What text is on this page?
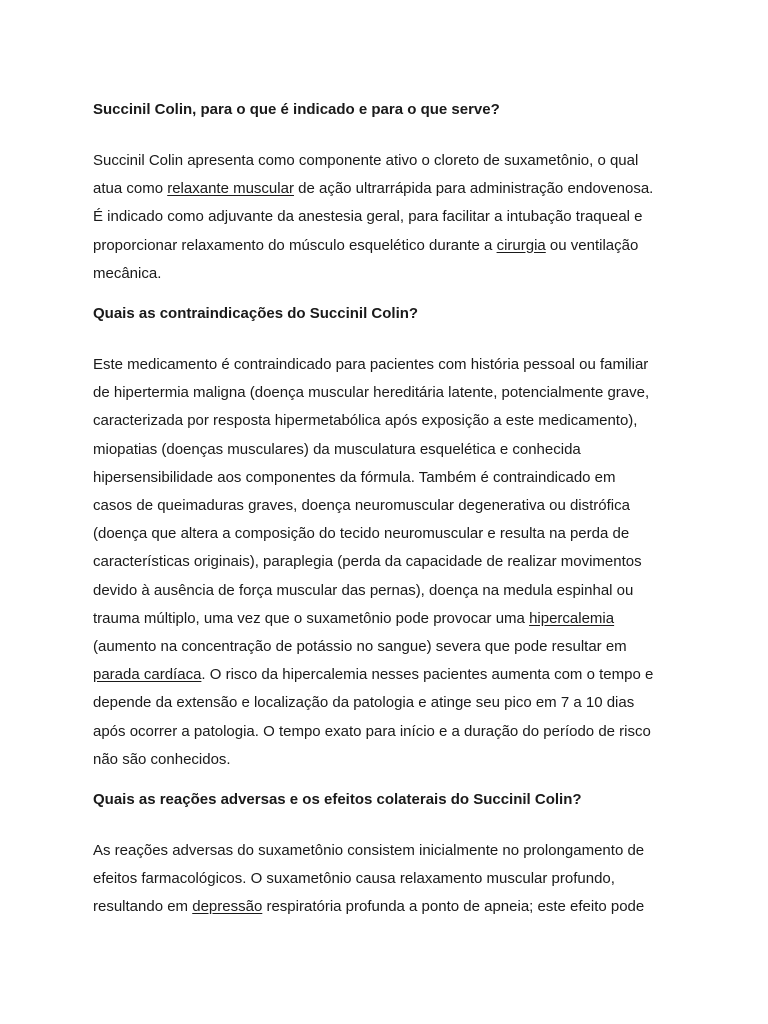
Succinil Colin, para o que é indicado e para o que serve?

Succinil Colin apresenta como componente ativo o cloreto de suxametônio, o qual
atua como relaxante muscular de ação ultrarrápida para administração endovenosa.
É indicado como adjuvante da anestesia geral, para facilitar a intubação traqueal e
proporcionar relaxamento do músculo esquelético durante a cirurgia ou ventilação
mecânica.

Quais as contraindicações do Succinil Colin?

Este medicamento é contraindicado para pacientes com história pessoal ou familiar
de hipertermia maligna (doença muscular hereditária latente, potencialmente grave,
caracterizada por resposta hipermetabólica após exposição a este medicamento),
miopatias (doenças musculares) da musculatura esquelética e conhecida
hipersensibilidade aos componentes da fórmula. Também é contraindicado em
casos de queimaduras graves, doença neuromuscular degenerativa ou distrófica
(doença que altera a composição do tecido neuromuscular e resulta na perda de
características originais), paraplegia (perda da capacidade de realizar movimentos
devido à ausência de força muscular das pernas), doença na medula espinhal ou
trauma múltiplo, uma vez que o suxametônio pode provocar uma hipercalemia
(aumento na concentração de potássio no sangue) severa que pode resultar em
parada cardíaca. O risco da hipercalemia nesses pacientes aumenta com o tempo e
depende da extensão e localização da patologia e atinge seu pico em 7 a 10 dias
após ocorrer a patologia. O tempo exato para início e a duração do período de risco
não são conhecidos.

Quais as reações adversas e os efeitos colaterais do Succinil Colin?

As reações adversas do suxametônio consistem inicialmente no prolongamento de
efeitos farmacológicos. O suxametônio causa relaxamento muscular profundo,
resultando em depressão respiratória profunda a ponto de apneia; este efeito pode
